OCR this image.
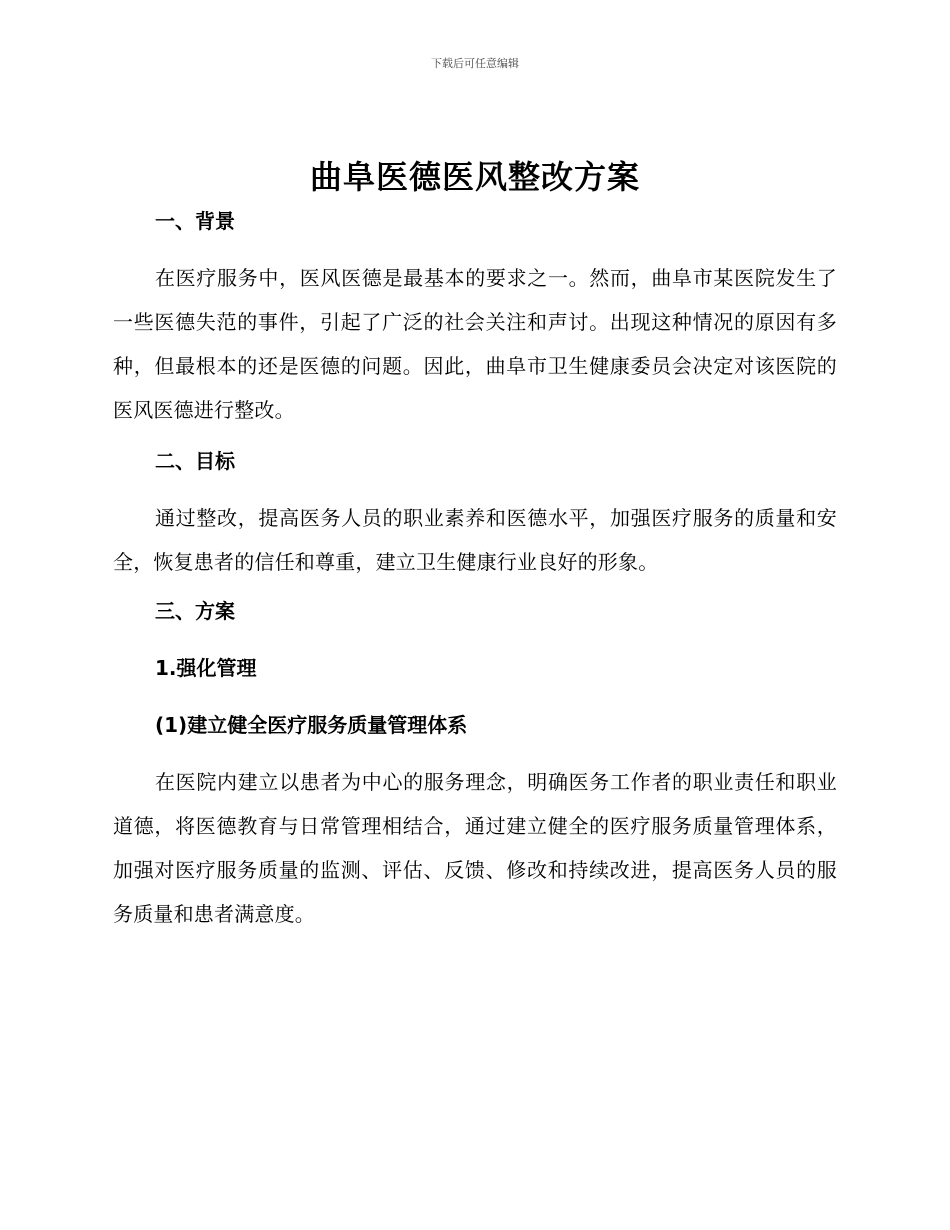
下载后可任意编辑
曲阜医德医风整改方案
一、背景

在医疗服务中，医风医德是最基本的要求之一。然而，曲阜市某医院发生了一些医德失范的事件，引起了广泛的社会关注和声讨。出现这种情况的原因有多种，但最根本的还是医德的问题。因此，曲阜市卫生健康委员会决定对该医院的医风医德进行整改。

二、目标

通过整改，提高医务人员的职业素养和医德水平，加强医疗服务的质量和安全，恢复患者的信任和尊重，建立卫生健康行业良好的形象。

三、方案
1.强化管理
(1)建立健全医疗服务质量管理体系

在医院内建立以患者为中心的服务理念，明确医务工作者的职业责任和职业道德，将医德教育与日常管理相结合，通过建立健全的医疗服务质量管理体系，加强对医疗服务质量的监测、评估、反馈、修改和持续改进，提高医务人员的服务质量和患者满意度。
